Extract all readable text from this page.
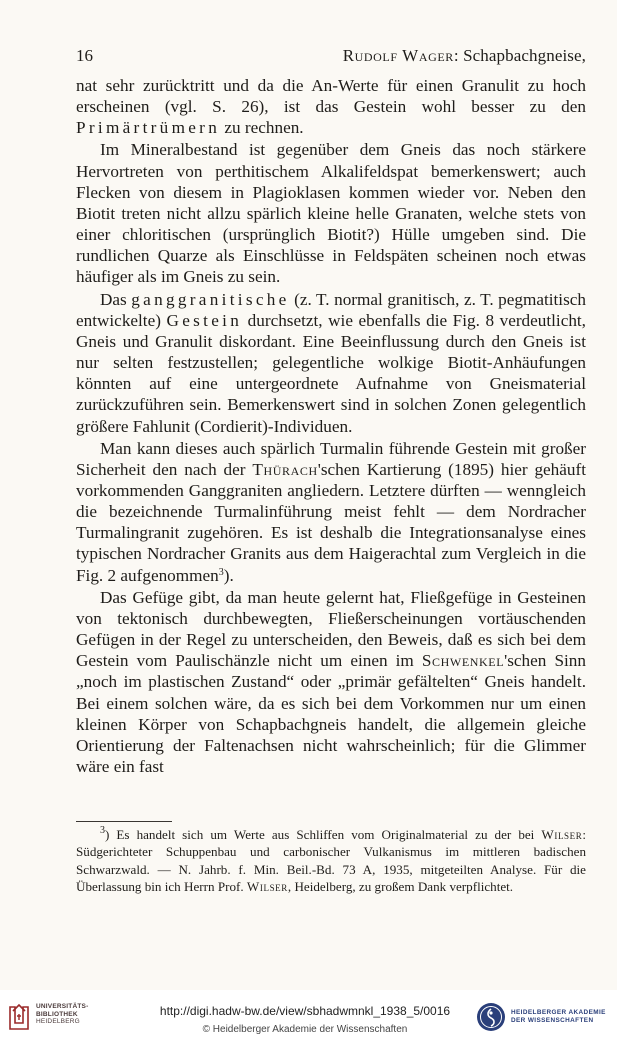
16	Rudolf Wager: Schapbachgneise,

nat sehr zurücktritt und da die An-Werte für einen Granulit zu hoch erscheinen (vgl. S. 26), ist das Gestein wohl besser zu den Primärtrümern zu rechnen.

Im Mineralbestand ist gegenüber dem Gneis das noch stärkere Hervortreten von perthitischem Alkalifeldspat bemerkenswert; auch Flecken von diesem in Plagioklasen kommen wieder vor. Neben den Biotit treten nicht allzu spärlich kleine helle Granaten, welche stets von einer chloritischen (ursprünglich Biotit?) Hülle umgeben sind. Die rundlichen Quarze als Einschlüsse in Feldspäten scheinen noch etwas häufiger als im Gneis zu sein.

Das ganggranitische (z. T. normal granitisch, z. T. pegmatitisch entwickelte) Gestein durchsetzt, wie ebenfalls die Fig. 8 verdeutlicht, Gneis und Granulit diskordant. Eine Beeinflussung durch den Gneis ist nur selten festzustellen; gelegentliche wolkige Biotit-Anhäufungen könnten auf eine untergeordnete Aufnahme von Gneismaterial zurückzuführen sein. Bemerkenswert sind in solchen Zonen gelegentlich größere Fahlunit (Cordierit)-Individuen.

Man kann dieses auch spärlich Turmalin führende Gestein mit großer Sicherheit den nach der Thürach'schen Kartierung (1895) hier gehäuft vorkommenden Ganggraniten angliedern. Letztere dürften — wenngleich die bezeichnende Turmalinführung meist fehlt — dem Nordracher Turmalingranit zugehören. Es ist deshalb die Integrationsanalyse eines typischen Nordracher Granits aus dem Haigerachtal zum Vergleich in die Fig. 2 aufgenommen$^3$).

Das Gefüge gibt, da man heute gelernt hat, Fließgefüge in Gesteinen von tektonisch durchbewegten, Fließerscheinungen vortäuschenden Gefügen in der Regel zu unterscheiden, den Beweis, daß es sich bei dem Gestein vom Paulischänzle nicht um einen im Schwenkel'schen Sinn „noch im plastischen Zustand“ oder „primär gefältelten“ Gneis handelt. Bei einem solchen wäre, da es sich bei dem Vorkommen nur um einen kleinen Körper von Schapbachgneis handelt, die allgemein gleiche Orientierung der Faltenachsen nicht wahrscheinlich; für die Glimmer wäre ein fast

$^3$) Es handelt sich um Werte aus Schliffen vom Originalmaterial zu der bei Wilser: Südgerichteter Schuppenbau und carbonischer Vulkanismus im mittleren badischen Schwarzwald. — N. Jahrb. f. Min. Beil.-Bd. 73 A, 1935, mitgeteilten Analyse. Für die Überlassung bin ich Herrn Prof. Wilser, Heidelberg, zu großem Dank verpflichtet.
UNIVERSITÄTS-
BIBLIOTHEK
HEIDELBERG
http://digi.hadw-bw.de/view/sbhadwmnkl_1938_5/0016
© Heidelberger Akademie der Wissenschaften
HEIDELBERGER AKADEMIE
DER WISSENSCHAFTEN
